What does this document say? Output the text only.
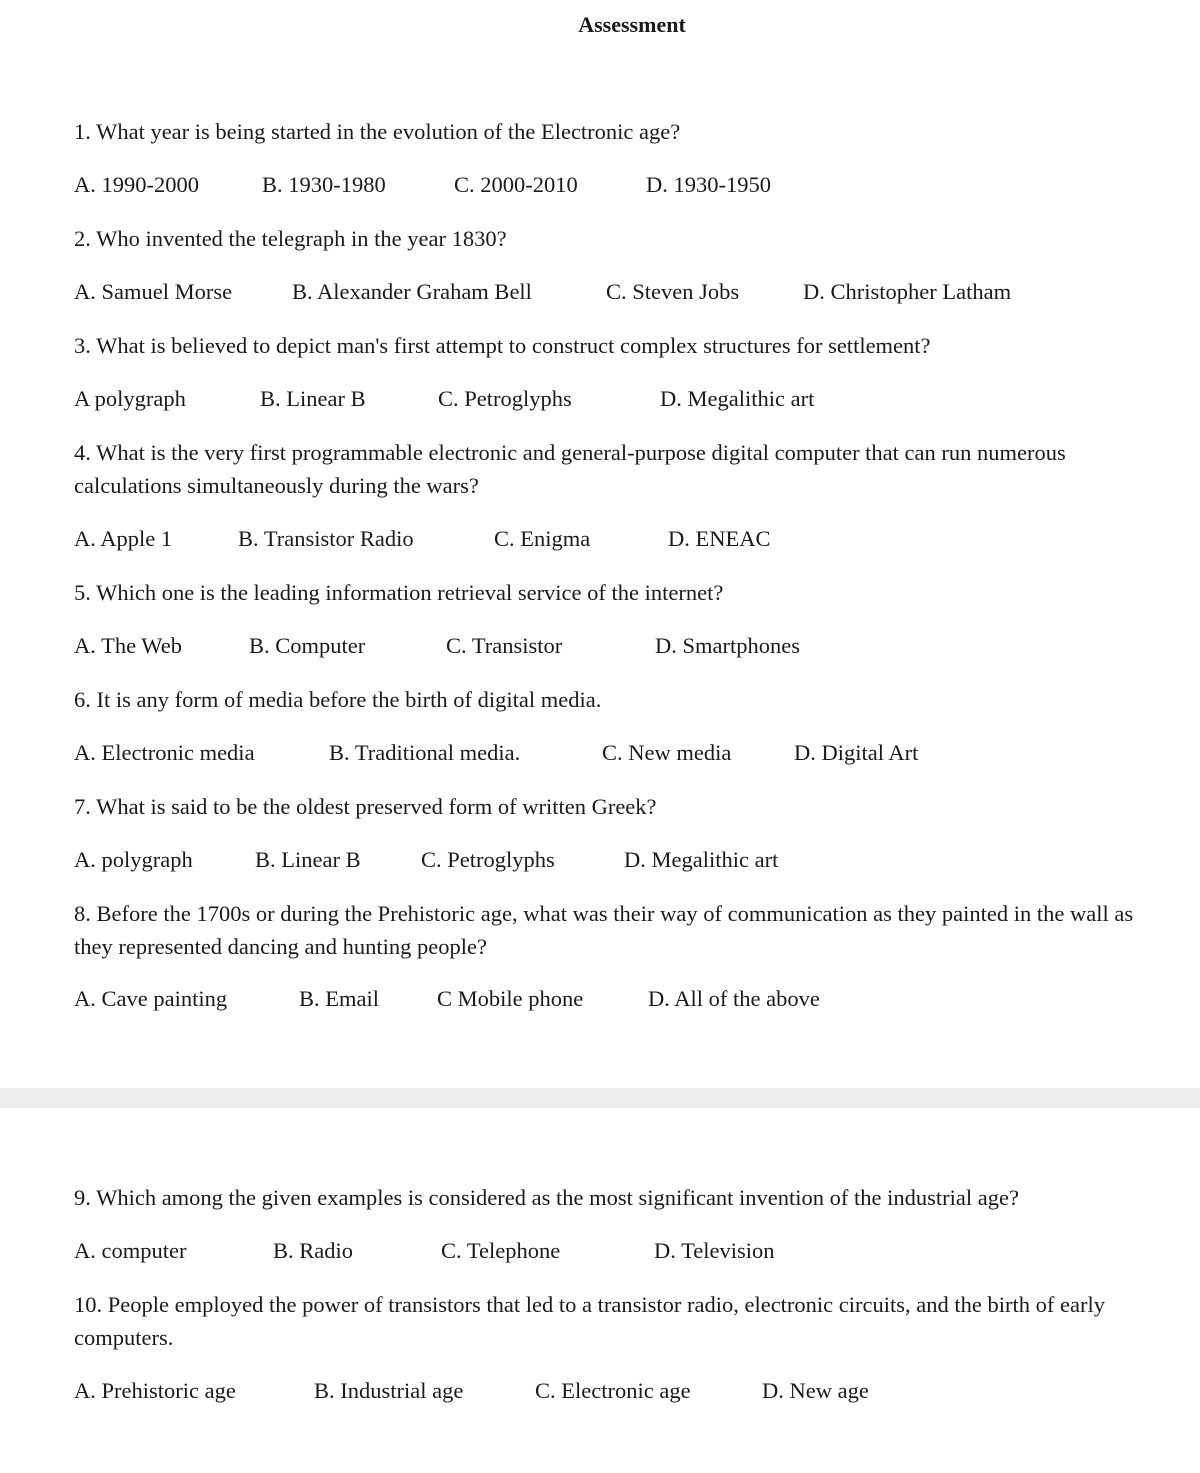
Assessment

1. What year is being started in the evolution of the Electronic age?

A. 1990-2000	B. 1930-1980	C. 2000-2010	D. 1930-1950

2. Who invented the telegraph in the year 1830?

A. Samuel Morse	B. Alexander Graham Bell	C. Steven Jobs	D. Christopher Latham

3. What is believed to depict man's first attempt to construct complex structures for settlement?

A polygraph	B. Linear B	C. Petroglyphs	D. Megalithic art

4. What is the very first programmable electronic and general-purpose digital computer that can run numerous calculations simultaneously during the wars?

A. Apple 1	B. Transistor Radio	C. Enigma	D. ENEAC

5. Which one is the leading information retrieval service of the internet?

A. The Web	B. Computer	C. Transistor	D. Smartphones

6. It is any form of media before the birth of digital media.

A. Electronic media	B. Traditional media.	C. New media	D. Digital Art

7. What is said to be the oldest preserved form of written Greek?

A. polygraph	B. Linear B	C. Petroglyphs	D. Megalithic art

8. Before the 1700s or during the Prehistoric age, what was their way of communication as they painted in the wall as they represented dancing and hunting people?

A. Cave painting	B. Email	C Mobile phone	D. All of the above

9. Which among the given examples is considered as the most significant invention of the industrial age?

A. computer	B. Radio	C. Telephone	D. Television

10. People employed the power of transistors that led to a transistor radio, electronic circuits, and the birth of early computers.

A. Prehistoric age	B. Industrial age	C. Electronic age	D. New age
